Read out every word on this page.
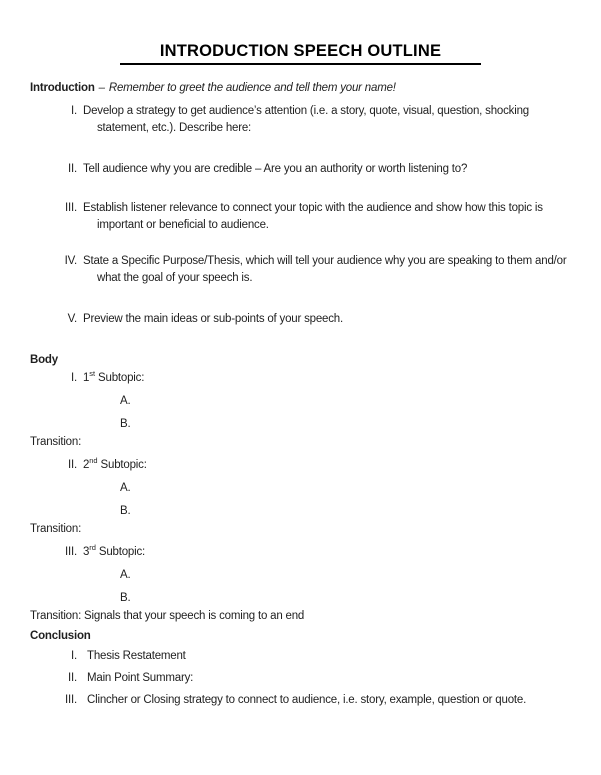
INTRODUCTION SPEECH OUTLINE
Introduction – Remember to greet the audience and tell them your name!
I. Develop a strategy to get audience’s attention (i.e. a story, quote, visual, question, shocking
statement, etc.). Describe here:
II. Tell audience why you are credible – Are you an authority or worth listening to?
III. Establish listener relevance to connect your topic with the audience and show how this topic is
important or beneficial to audience.
IV. State a Specific Purpose/Thesis, which will tell your audience why you are speaking to them and/or
what the goal of your speech is.
V. Preview the main ideas or sub-points of your speech.
Body
I. 1st Subtopic:
A.
B.
Transition:
II. 2nd Subtopic:
A.
B.
Transition:
III. 3rd Subtopic:
A.
B.
Transition: Signals that your speech is coming to an end
Conclusion
I. Thesis Restatement
II. Main Point Summary:
III. Clincher or Closing strategy to connect to audience, i.e. story, example, question or quote.
